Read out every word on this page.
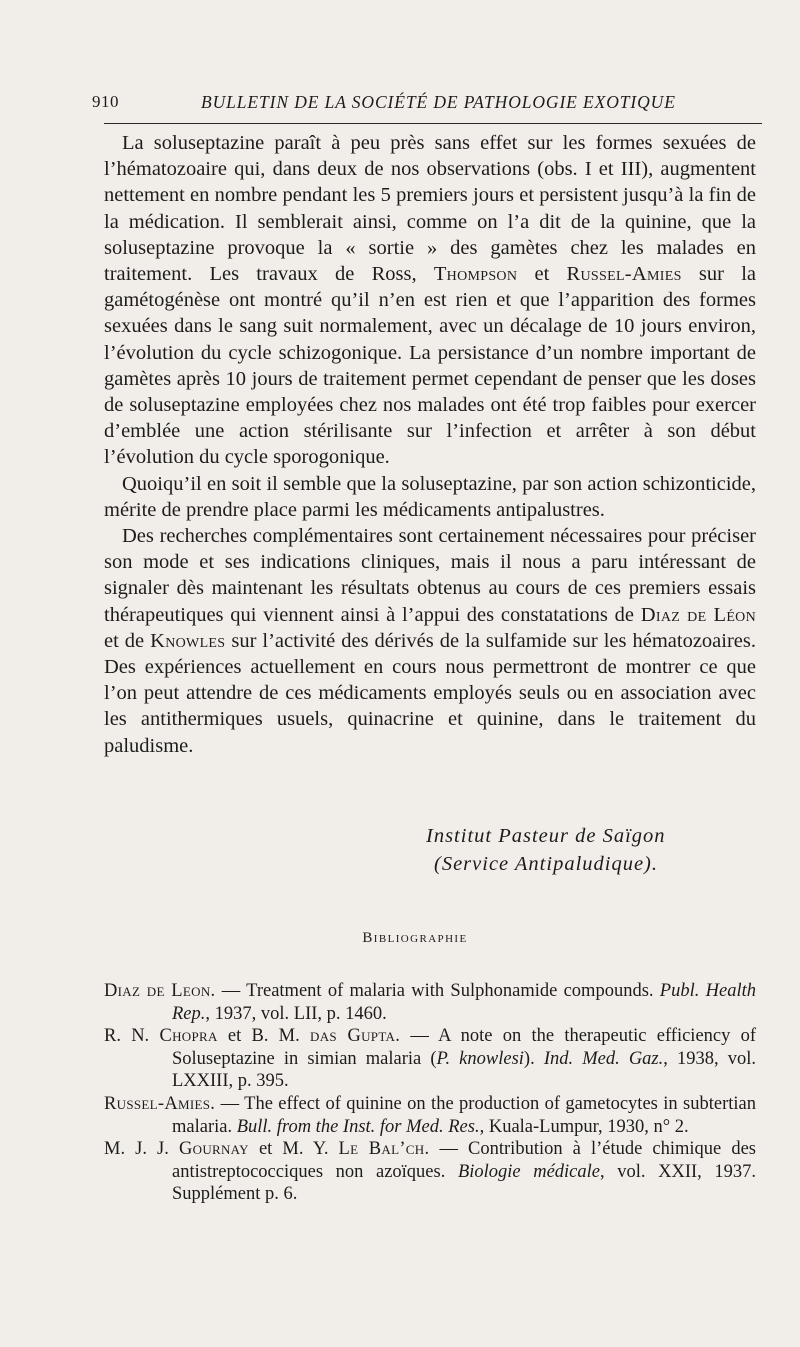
910	BULLETIN DE LA SOCIÉTÉ DE PATHOLOGIE EXOTIQUE

La soluseptazine paraît à peu près sans effet sur les formes sexuées de l’hématozoaire qui, dans deux de nos observations (obs. I et III), augmentent nettement en nombre pendant les 5 premiers jours et persistent jusqu’à la fin de la médication. Il semblerait ainsi, comme on l’a dit de la quinine, que la soluseptazine provoque la « sortie » des gamètes chez les malades en traitement. Les travaux de Ross, Thompson et Russel-Amies sur la gamétogénèse ont montré qu’il n’en est rien et que l’apparition des formes sexuées dans le sang suit normalement, avec un décalage de 10 jours environ, l’évolution du cycle schizogonique. La persistance d’un nombre important de gamètes après 10 jours de traitement permet cependant de penser que les doses de soluseptazine employées chez nos malades ont été trop faibles pour exercer d’emblée une action stérilisante sur l’infection et arrêter à son début l’évolution du cycle sporogonique.

Quoiqu’il en soit il semble que la soluseptazine, par son action schizonticide, mérite de prendre place parmi les médicaments antipalustres.

Des recherches complémentaires sont certainement nécessaires pour préciser son mode et ses indications cliniques, mais il nous a paru intéressant de signaler dès maintenant les résultats obtenus au cours de ces premiers essais thérapeutiques qui viennent ainsi à l’appui des constatations de Diaz de Léon et de Knowles sur l’activité des dérivés de la sulfamide sur les hématozoaires. Des expériences actuellement en cours nous permettront de montrer ce que l’on peut attendre de ces médicaments employés seuls ou en association avec les antithermiques usuels, quinacrine et quinine, dans le traitement du paludisme.

Institut Pasteur de Saïgon
(Service Antipaludique).
Bibliographie

Diaz de Leon. — Treatment of malaria with Sulphonamide compounds. Publ. Health Rep., 1937, vol. LII, p. 1460.

R. N. Chopra et B. M. das Gupta. — A note on the therapeutic efficiency of Soluseptazine in simian malaria (P. knowlesi). Ind. Med. Gaz., 1938, vol. LXXIII, p. 395.

Russel-Amies. — The effect of quinine on the production of gametocytes in subtertian malaria. Bull. from the Inst. for Med. Res., Kuala-Lumpur, 1930, n° 2.

M. J. J. Gournay et M. Y. Le Bal’ch. — Contribution à l’étude chimique des antistreptococciques non azoïques. Biologie médicale, vol. XXII, 1937. Supplément p. 6.
